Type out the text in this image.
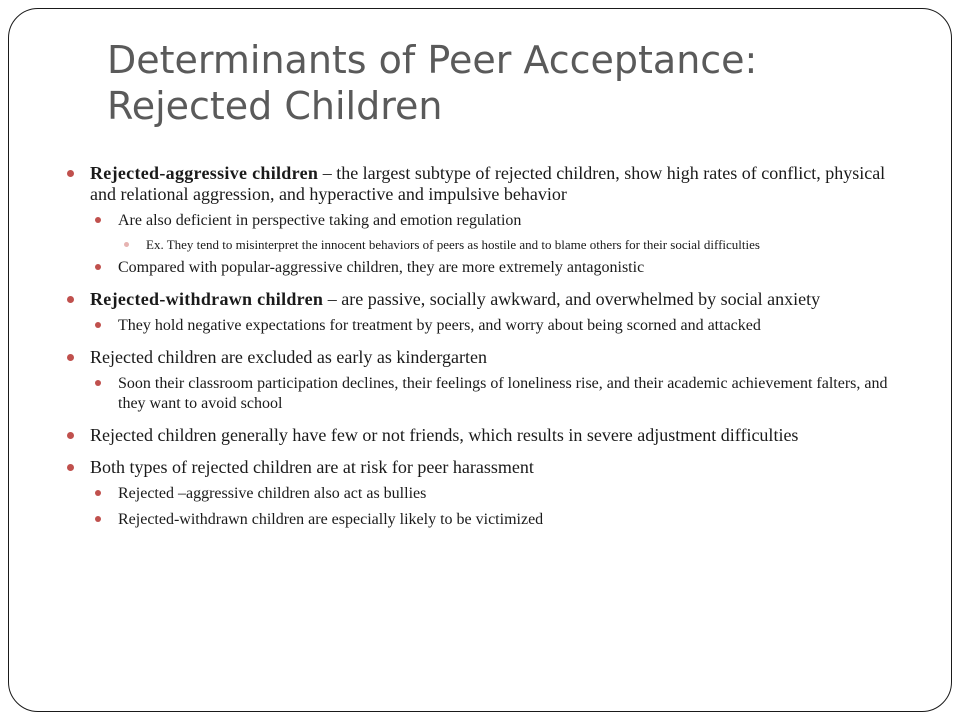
Determinants of Peer Acceptance:
Rejected Children
Rejected-aggressive children – the largest subtype of rejected children, show high rates of conflict, physical and relational aggression, and hyperactive and impulsive behavior
Are also deficient in perspective taking and emotion regulation
Ex. They tend to misinterpret the innocent behaviors of peers as hostile and to blame others for their social difficulties
Compared with popular-aggressive children, they are more extremely antagonistic
Rejected-withdrawn children – are passive, socially awkward, and overwhelmed by social anxiety
They hold negative expectations for treatment by peers, and worry about being scorned and attacked
Rejected children are excluded as early as kindergarten
Soon their classroom participation declines, their feelings of loneliness rise, and their academic achievement falters, and they want to avoid school
Rejected children generally have few or not friends, which results in severe adjustment difficulties
Both types of rejected children are at risk for peer harassment
Rejected –aggressive children also act as bullies
Rejected-withdrawn children are especially likely to be victimized
